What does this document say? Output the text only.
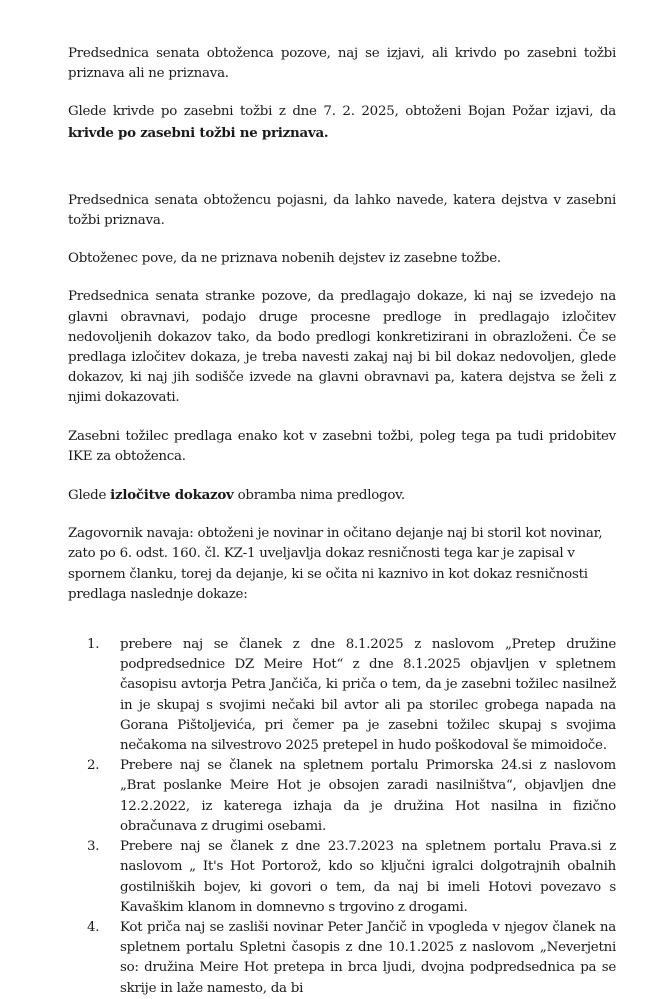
Predsednica senata obtoženca pozove, naj se izjavi, ali krivdo po zasebni tožbi priznava ali ne priznava.

Glede krivde po zasebni tožbi z dne 7. 2. 2025, obtoženi Bojan Požar izjavi, da krivde po zasebni tožbi ne priznava.

Predsednica senata obtožencu pojasni, da lahko navede, katera dejstva v zasebni tožbi priznava.

Obtoženec pove, da ne priznava nobenih dejstev iz zasebne tožbe.

Predsednica senata stranke pozove, da predlagajo dokaze, ki naj se izvedejo na glavni obravnavi, podajo druge procesne predloge in predlagajo izločitev nedovoljenih dokazov tako, da bodo predlogi konkretizirani in obrazloženi. Če se predlaga izločitev dokaza, je treba navesti zakaj naj bi bil dokaz nedovoljen, glede dokazov, ki naj jih sodišče izvede na glavni obravnavi pa, katera dejstva se želi z njimi dokazovati.

Zasebni tožilec predlaga enako kot v zasebni tožbi, poleg tega pa tudi pridobitev IKE za obtoženca.

Glede izločitve dokazov obramba nima predlogov.

Zagovornik navaja: obtoženi je novinar in očitano dejanje naj bi storil kot novinar, zato po 6. odst. 160. čl. KZ-1 uveljavlja dokaz resničnosti tega kar je zapisal v spornem članku, torej da dejanje, ki se očita ni kaznivo in kot dokaz resničnosti predlaga naslednje dokaze:

1. prebere naj se članek z dne 8.1.2025 z naslovom „Pretep družine podpredsednice DZ Meire Hot“ z dne 8.1.2025 objavljen v spletnem časopisu avtorja Petra Jančiča, ki priča o tem, da je zasebni tožilec nasilnež in je skupaj s svojimi nečaki bil avtor ali pa storilec grobega napada na Gorana Pištoljevića, pri čemer pa je zasebni tožilec skupaj s svojima nečakoma na silvestrovo 2025 pretepel in hudo poškodoval še mimoidoče.
2. Prebere naj se članek na spletnem portalu Primorska 24.si z naslovom „Brat poslanke Meire Hot je obsojen zaradi nasilništva“, objavljen dne 12.2.2022, iz katerega izhaja da je družina Hot nasilna in fizično obračunava z drugimi osebami.
3. Prebere naj se članek z dne 23.7.2023 na spletnem portalu Prava.si z naslovom „ It's Hot Portorož, kdo so ključni igralci dolgotrajnih obalnih gostilniških bojev, ki govori o tem, da naj bi imeli Hotovi povezavo s Kavaškim klanom in domnevno s trgovino z drogami.
4. Kot priča naj se zasliši novinar Peter Jančič in vpogleda v njegov članek na spletnem portalu Spletni časopis z dne 10.1.2025 z naslovom „Neverjetni so: družina Meire Hot pretepa in brca ljudi, dvojna podpredsednica pa se skrije in laže namesto, da bi
